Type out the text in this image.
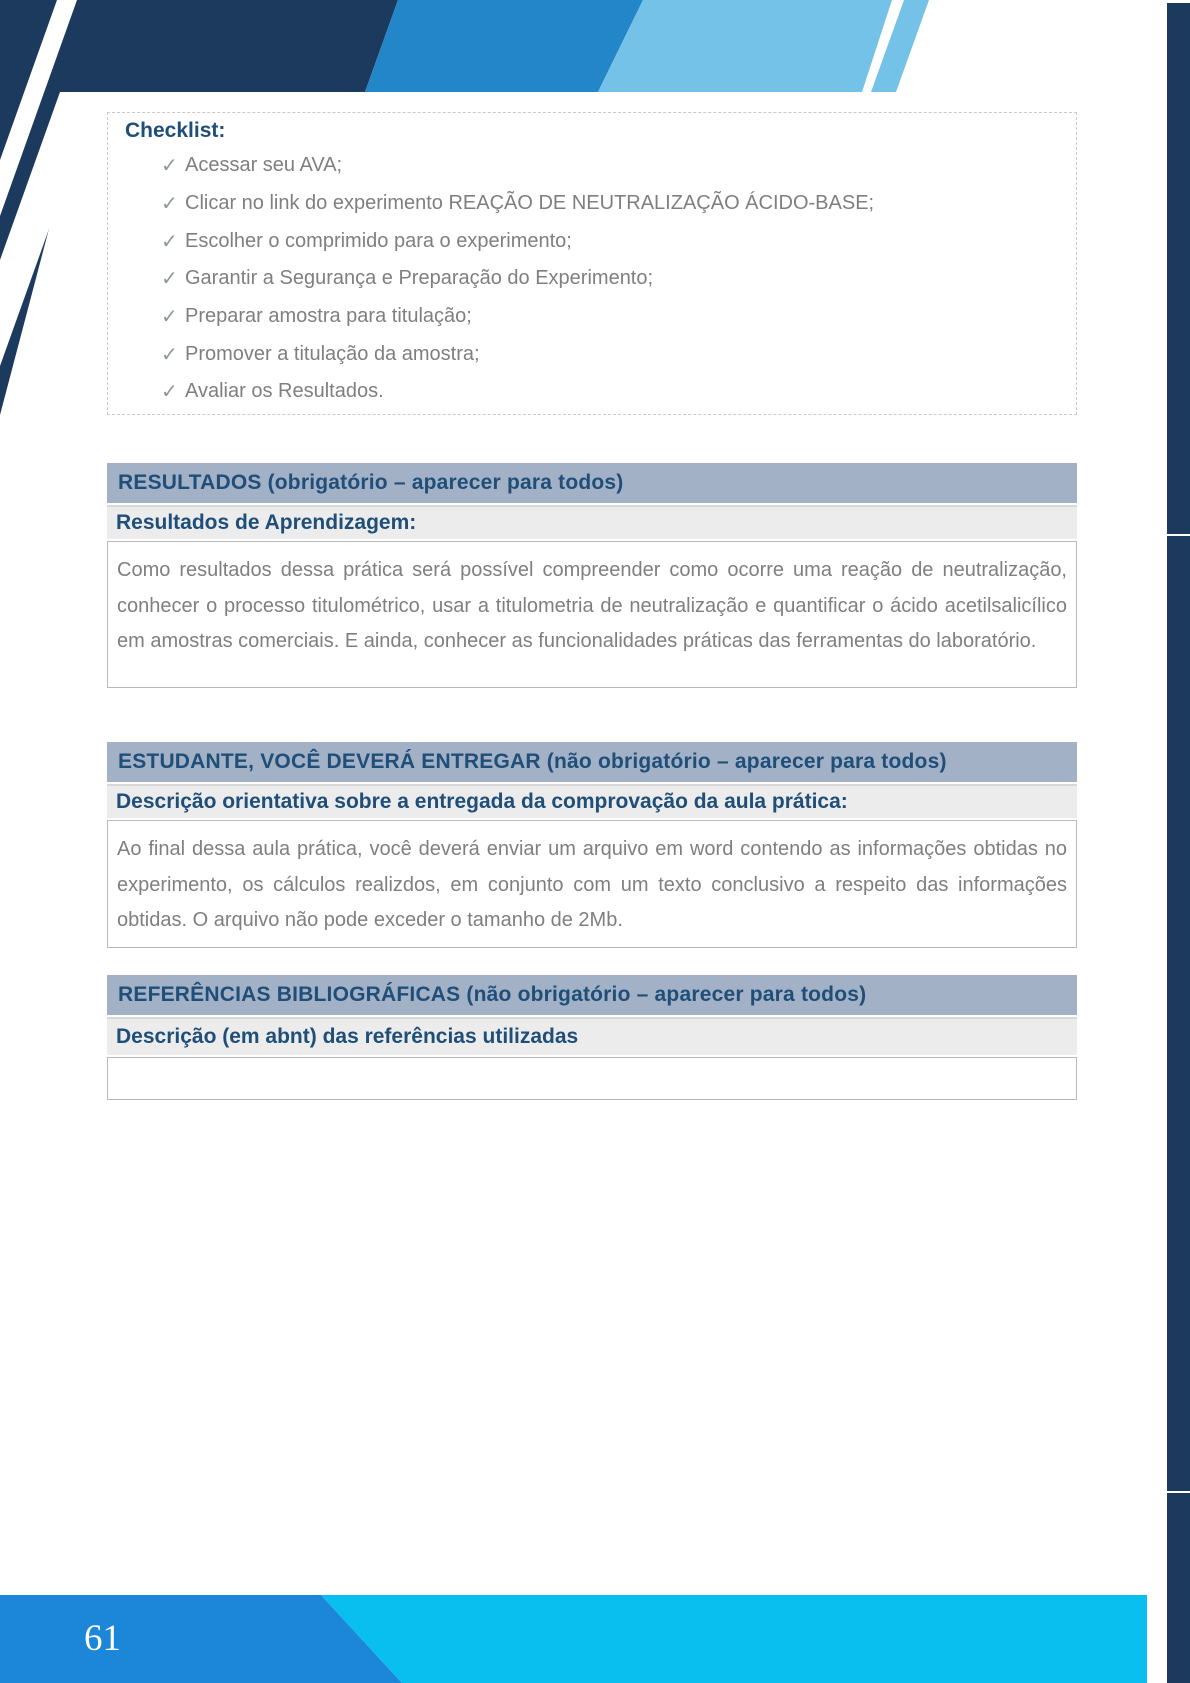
Checklist:
✓ Acessar seu AVA;
✓ Clicar no link do experimento REAÇÃO DE NEUTRALIZAÇÃO ÁCIDO-BASE;
✓ Escolher o comprimido para o experimento;
✓ Garantir a Segurança e Preparação do Experimento;
✓ Preparar amostra para titulação;
✓ Promover a titulação da amostra;
✓ Avaliar os Resultados.
RESULTADOS (obrigatório – aparecer para todos)
Resultados de Aprendizagem:
Como resultados dessa prática será possível compreender como ocorre uma reação de neutralização, conhecer o processo titulométrico, usar a titulometria de neutralização e quantificar o ácido acetilsalicílico em amostras comerciais. E ainda, conhecer as funcionalidades práticas das ferramentas do laboratório.
ESTUDANTE, VOCÊ DEVERÁ ENTREGAR (não obrigatório – aparecer para todos)
Descrição orientativa sobre a entregada da comprovação da aula prática:
Ao final dessa aula prática, você deverá enviar um arquivo em word contendo as informações obtidas no experimento, os cálculos realizdos, em conjunto com um texto conclusivo a respeito das informações obtidas. O arquivo não pode exceder o tamanho de 2Mb.
REFERÊNCIAS BIBLIOGRÁFICAS (não obrigatório – aparecer para todos)
Descrição (em abnt) das referências utilizadas
61
